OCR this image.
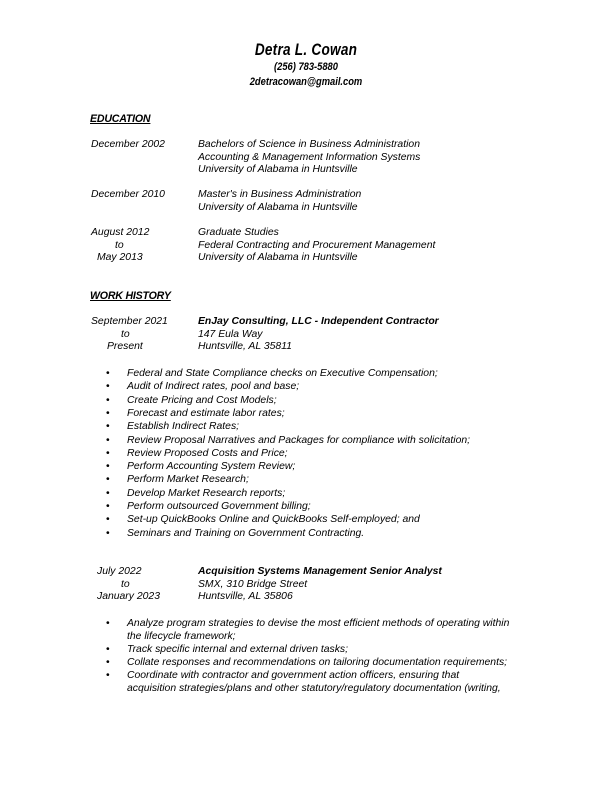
Detra L. Cowan
(256) 783-5880
2detracowan@gmail.com
EDUCATION
December 2002	Bachelors of Science in Business Administration
Accounting & Management Information Systems
University of Alabama in Huntsville
December 2010	Master's in Business Administration
University of Alabama in Huntsville
August 2012	Graduate Studies
to	Federal Contracting and Procurement Management
May 2013	University of Alabama in Huntsville
WORK HISTORY
September 2021	EnJay Consulting, LLC - Independent Contractor
to	147 Eula Way
Present	Huntsville, AL 35811
• Federal and State Compliance checks on Executive Compensation;
• Audit of Indirect rates, pool and base;
• Create Pricing and Cost Models;
• Forecast and estimate labor rates;
• Establish Indirect Rates;
• Review Proposal Narratives and Packages for compliance with solicitation;
• Review Proposed Costs and Price;
• Perform Accounting System Review;
• Perform Market Research;
• Develop Market Research reports;
• Perform outsourced Government billing;
• Set-up QuickBooks Online and QuickBooks Self-employed; and
• Seminars and Training on Government Contracting.
July 2022	Acquisition Systems Management Senior Analyst
to	SMX, 310 Bridge Street
January 2023	Huntsville, AL 35806
• Analyze program strategies to devise the most efficient methods of operating within the lifecycle framework;
• Track specific internal and external driven tasks;
• Collate responses and recommendations on tailoring documentation requirements;
• Coordinate with contractor and government action officers, ensuring that acquisition strategies/plans and other statutory/regulatory documentation (writing,
